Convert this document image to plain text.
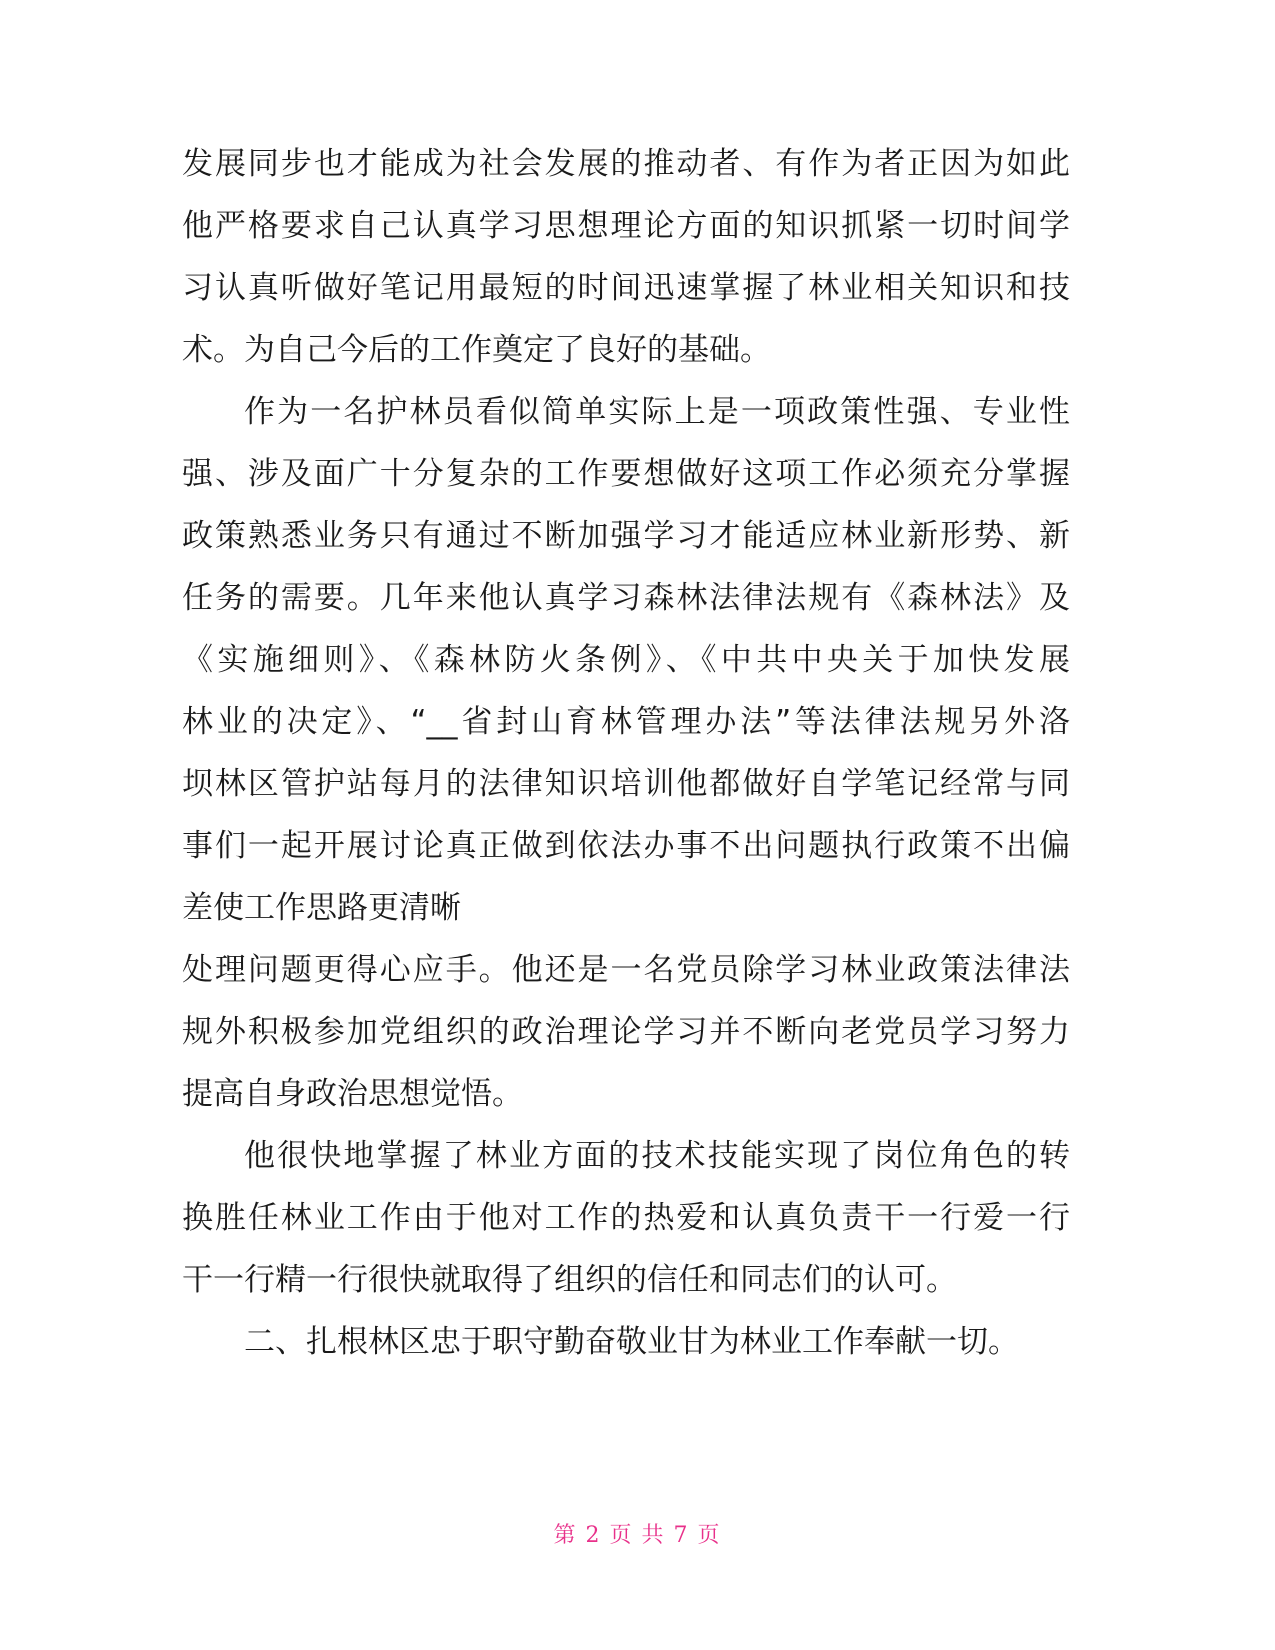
发展同步也才能成为社会发展的推动者、有作为者正因为如此
他严格要求自己认真学习思想理论方面的知识抓紧一切时间学
习认真听做好笔记用最短的时间迅速掌握了林业相关知识和技
术。为自己今后的工作奠定了良好的基础。
作为一名护林员看似简单实际上是一项政策性强、专业性
强、涉及面广十分复杂的工作要想做好这项工作必须充分掌握
政策熟悉业务只有通过不断加强学习才能适应林业新形势、新
任务的需要。几年来他认真学习森林法律法规有《森林法》及
《实施细则》、《森林防火条例》、《中共中央关于加快发展
林业的决定》、“__省封山育林管理办法”等法律法规另外洛
坝林区管护站每月的法律知识培训他都做好自学笔记经常与同
事们一起开展讨论真正做到依法办事不出问题执行政策不出偏
差使工作思路更清晰
处理问题更得心应手。他还是一名党员除学习林业政策法律法
规外积极参加党组织的政治理论学习并不断向老党员学习努力
提高自身政治思想觉悟。
他很快地掌握了林业方面的技术技能实现了岗位角色的转
换胜任林业工作由于他对工作的热爱和认真负责干一行爱一行
干一行精一行很快就取得了组织的信任和同志们的认可。
二、扎根林区忠于职守勤奋敬业甘为林业工作奉献一切。
第 2 页 共 7 页
